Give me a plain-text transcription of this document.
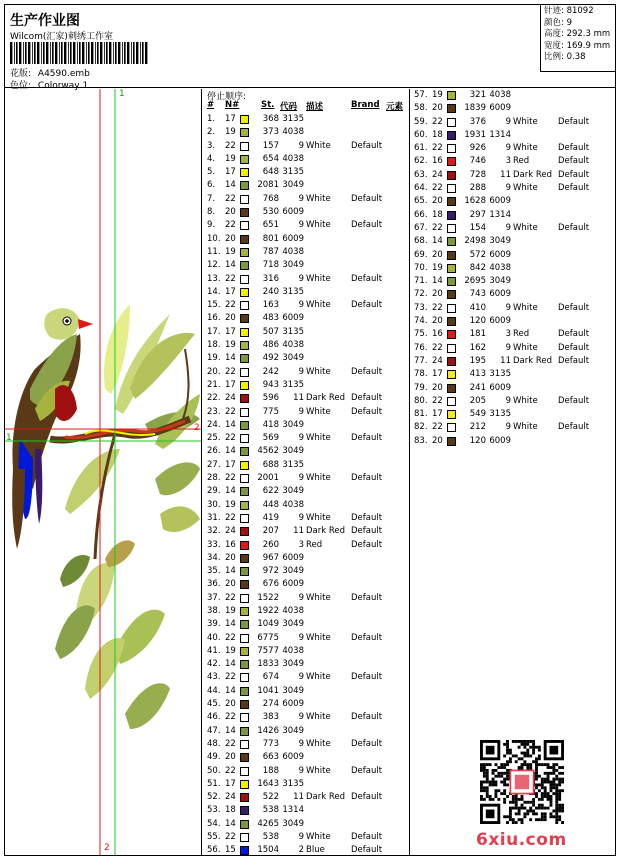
生产作业图
Wilcom(汇家)刺绣工作室
花版: A4590.emb
色位: Colorway 1
针迹: 81092
颜色: 9
高度: 292.3 mm
宽度: 169.9 mm
比例: 0.38
1
2
1
2
停止顺序:
# N#	St. 代码 描述	Brand 元素
1. 17	368 3135
2. 19	373 4038
3. 22	157	9 White Default
4. 19	654 4038
5. 17	648 3135
6. 14	2081 3049
7. 22	768	9 White Default
8. 20	530 6009
9. 22	651	9 White Default
10. 20	801 6009
11. 19	787 4038
12. 14	718 3049
13. 22	316	9 White Default
14. 17	240 3135
15. 22	163	9 White Default
16. 20	483 6009
17. 17	507 3135
18. 19	486 4038
19. 14	492 3049
20. 22	242	9 White Default
21. 17	943 3135
22. 24	596	11 Dark Red Default
23. 22	775	9 White Default
24. 14	418 3049
25. 22	569	9 White Default
26. 14	4562 3049
27. 17	688 3135
28. 22	2001	9 White Default
29. 14	622 3049
30. 19	448 4038
31. 22	419	9 White Default
32. 24	207	11 Dark Red Default
33. 16	260	3 Red	Default
34. 20	967 6009
35. 14	972 3049
36. 20	676 6009
37. 22	1522	9 White Default
38. 19	1922 4038
39. 14	1049 3049
40. 22	6775	9 White Default
41. 19	7577 4038
42. 14	1833 3049
43. 22	674	9 White Default
44. 14	1041 3049
45. 20	274 6009
46. 22	383	9 White Default
47. 14	1426 3049
48. 22	773	9 White Default
49. 20	663 6009
50. 22	188	9 White Default
51. 17	1643 3135
52. 24	522	11 Dark Red Default
53. 18	538 1314
54. 14	4265 3049
55. 22	538	9 White Default
56. 15	1504	2 Blue	Default
57. 19	321 4038
58. 20	1839 6009
59. 22	376	9 White Default
60. 18	1931 1314
61. 22	926	9 White Default
62. 16	746	3 Red	Default
63. 24	728	11 Dark Red Default
64. 22	288	9 White Default
65. 20	1628 6009
66. 18	297 1314
67. 22	154	9 White Default
68. 14	2498 3049
69. 20	572 6009
70. 19	842 4038
71. 14	2695 3049
72. 20	743 6009
73. 22	410	9 White Default
74. 20	120 6009
75. 16	181	3 Red	Default
76. 22	162	9 White Default
77. 24	195	11 Dark Red Default
78. 17	413 3135
79. 20	241 6009
80. 22	205	9 White Default
81. 17	549 3135
82. 22	212	9 White Default
83. 20	120 6009
6xiu.com
